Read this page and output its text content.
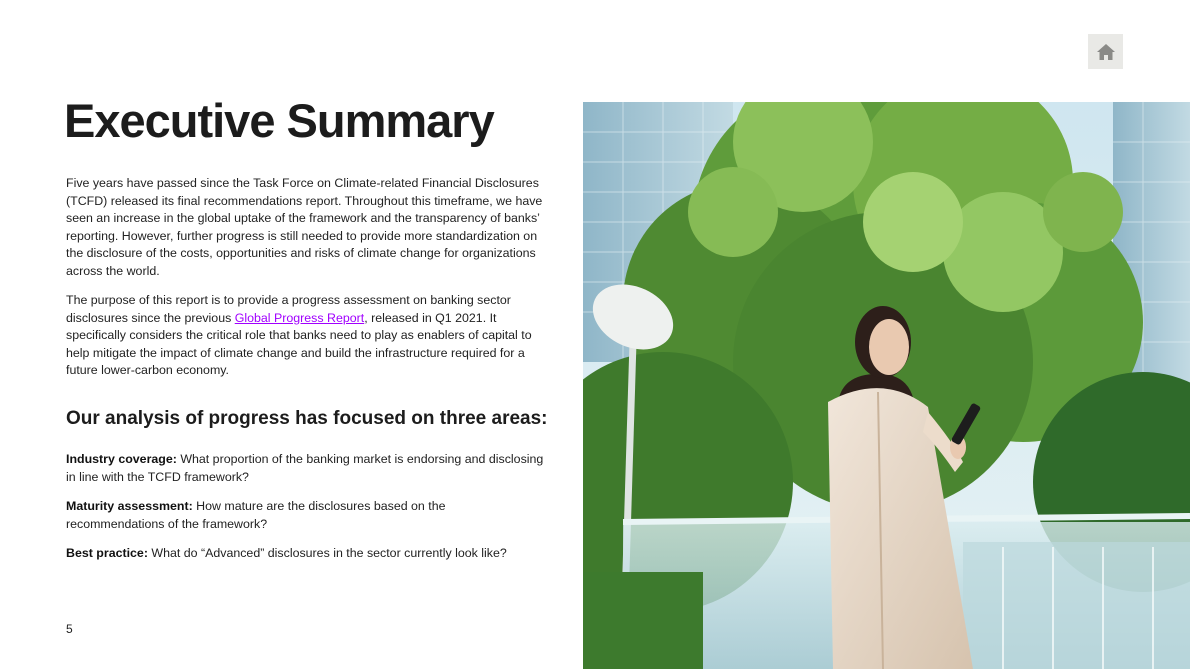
Executive Summary

Five years have passed since the Task Force on Climate-related Financial Disclosures (TCFD) released its final recommendations report. Throughout this timeframe, we have seen an increase in the global uptake of the framework and the transparency of banks’ reporting. However, further progress is still needed to provide more standardization on the disclosure of the costs, opportunities and risks of climate change for organizations across the world.

The purpose of this report is to provide a progress assessment on banking sector disclosures since the previous Global Progress Report, released in Q1 2021. It specifically considers the critical role that banks need to play as enablers of capital to help mitigate the impact of climate change and build the infrastructure required for a future lower-carbon economy.

Our analysis of progress has focused on three areas:

Industry coverage: What proportion of the banking market is endorsing and disclosing in line with the TCFD framework?

Maturity assessment: How mature are the disclosures based on the recommendations of the framework?

Best practice: What do “Advanced” disclosures in the sector currently look like?

5
